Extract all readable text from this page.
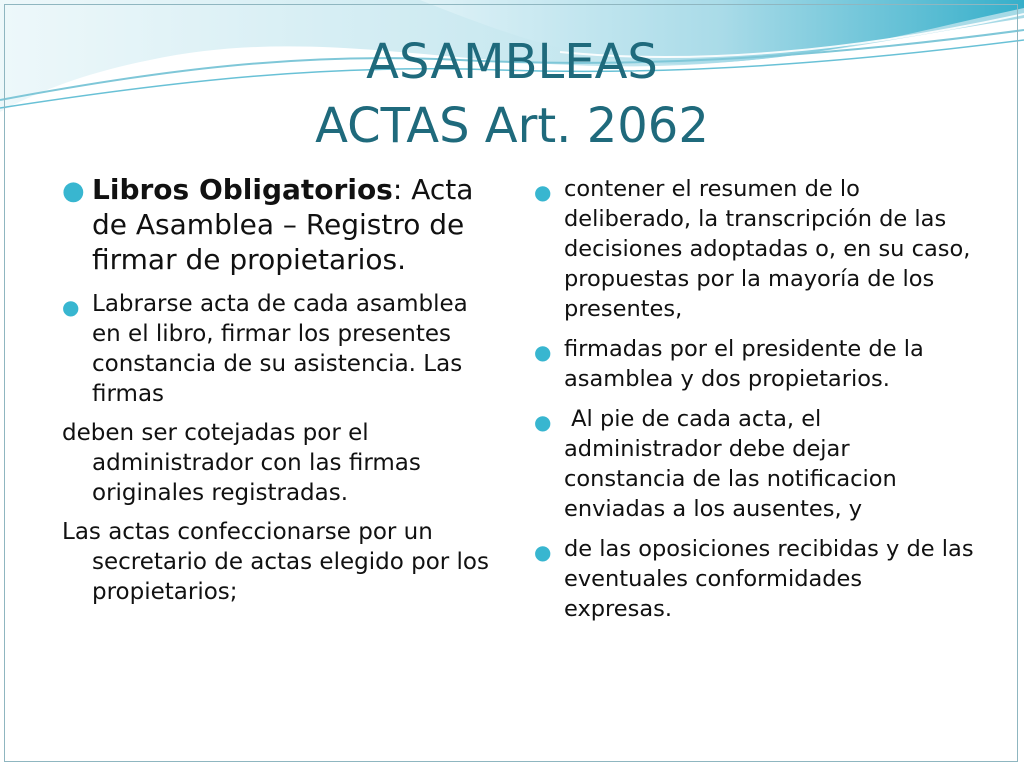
ASAMBLEAS
ACTAS Art. 2062

● Libros Obligatorios: Acta de Asamblea – Registro de firmar de propietarios.

● Labrarse acta de cada asamblea en el libro, firmar los presentes constancia de su asistencia. Las firmas

deben ser cotejadas por el administrador con las firmas originales registradas.

Las actas confeccionarse por un secretario de actas elegido por los propietarios;

● contener el resumen de lo deliberado, la transcripción de las decisiones adoptadas o, en su caso, propuestas por la mayoría de los presentes,

● firmadas por el presidente de la asamblea y dos propietarios.

● Al pie de cada acta, el administrador debe dejar constancia de las notificacion enviadas a los ausentes, y

● de las oposiciones recibidas y de las eventuales conformidades expresas.
